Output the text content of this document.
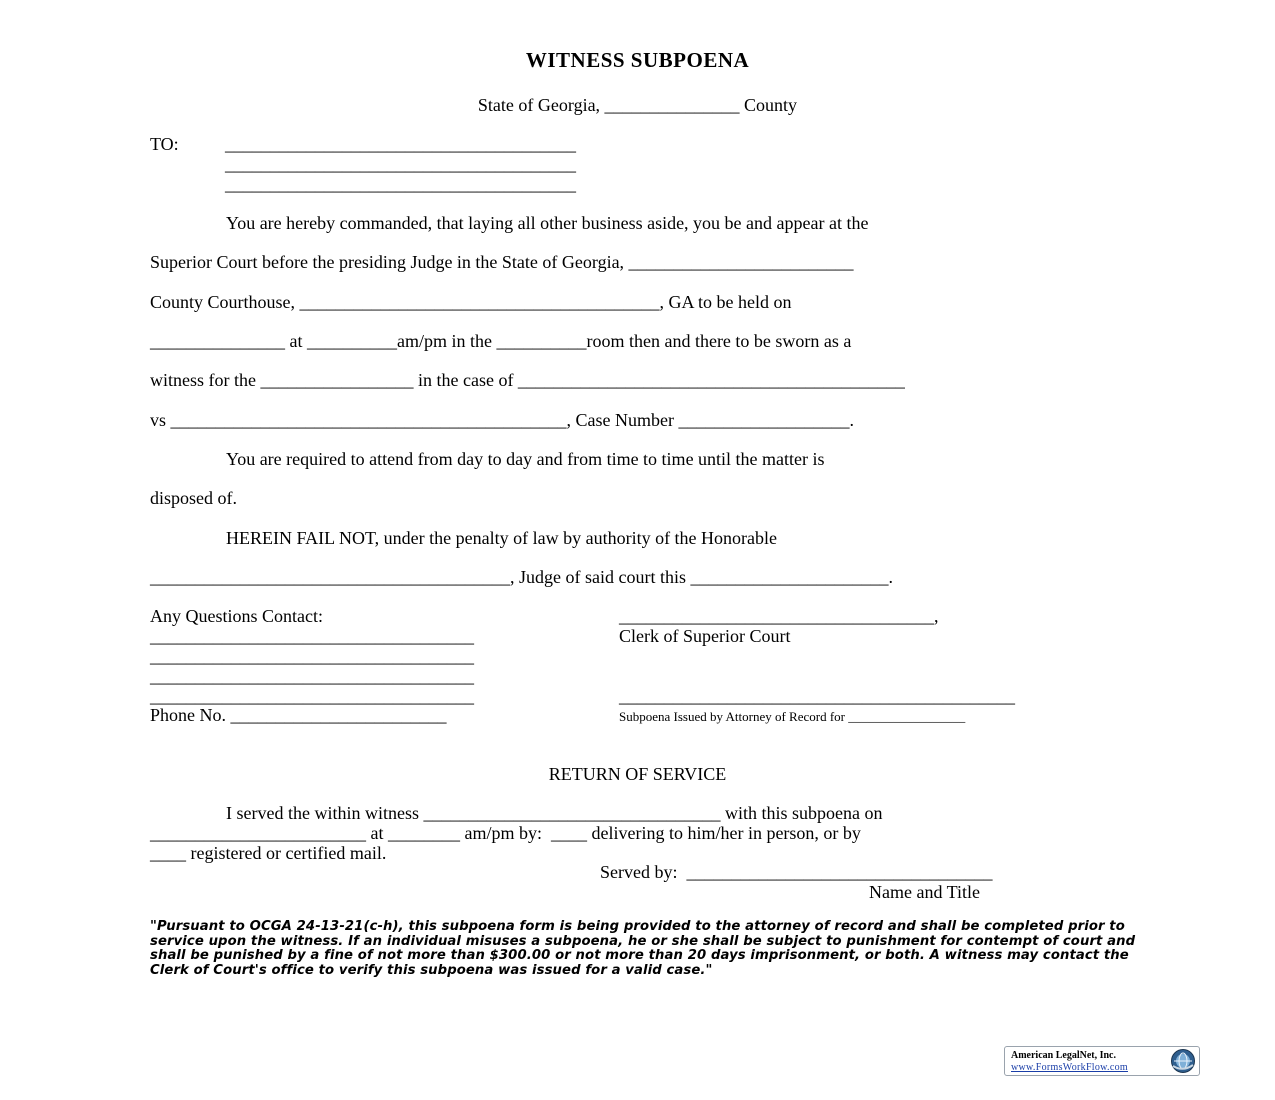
WITNESS SUBPOENA
State of Georgia, _______________ County
TO:	_______________________________________
_______________________________________
_______________________________________
You are hereby commanded, that laying all other business aside, you be and appear at the
Superior Court before the presiding Judge in the State of Georgia, _________________________
County Courthouse, ________________________________________, GA to be held on
_______________ at __________am/pm in the __________room then and there to be sworn as a
witness for the _________________ in the case of ___________________________________________
vs ____________________________________________, Case Number ___________________.
You are required to attend from day to day and from time to time until the matter is
disposed of.
HEREIN FAIL NOT, under the penalty of law by authority of the Honorable
________________________________________, Judge of said court this ______________________.
Any Questions Contact:
____________________________________
____________________________________
____________________________________
____________________________________
Phone No. ________________________
___________________________________,
Clerk of Superior Court
____________________________________________
Subpoena Issued by Attorney of Record for __________________
RETURN OF SERVICE
I served the within witness _________________________________ with this subpoena on
________________________ at ________ am/pm by:  ____ delivering to him/her in person, or by
____ registered or certified mail.
Served by:  __________________________________
Name and Title
"Pursuant to OCGA 24-13-21(c-h), this subpoena form is being provided to the attorney of record and shall be completed prior to service upon the witness. If an individual misuses a subpoena, he or she shall be subject to punishment for contempt of court and shall be punished by a fine of not more than $300.00 or not more than 20 days imprisonment, or both. A witness may contact the Clerk of Court's office to verify this subpoena was issued for a valid case."
American LegalNet, Inc.
www.FormsWorkFlow.com
